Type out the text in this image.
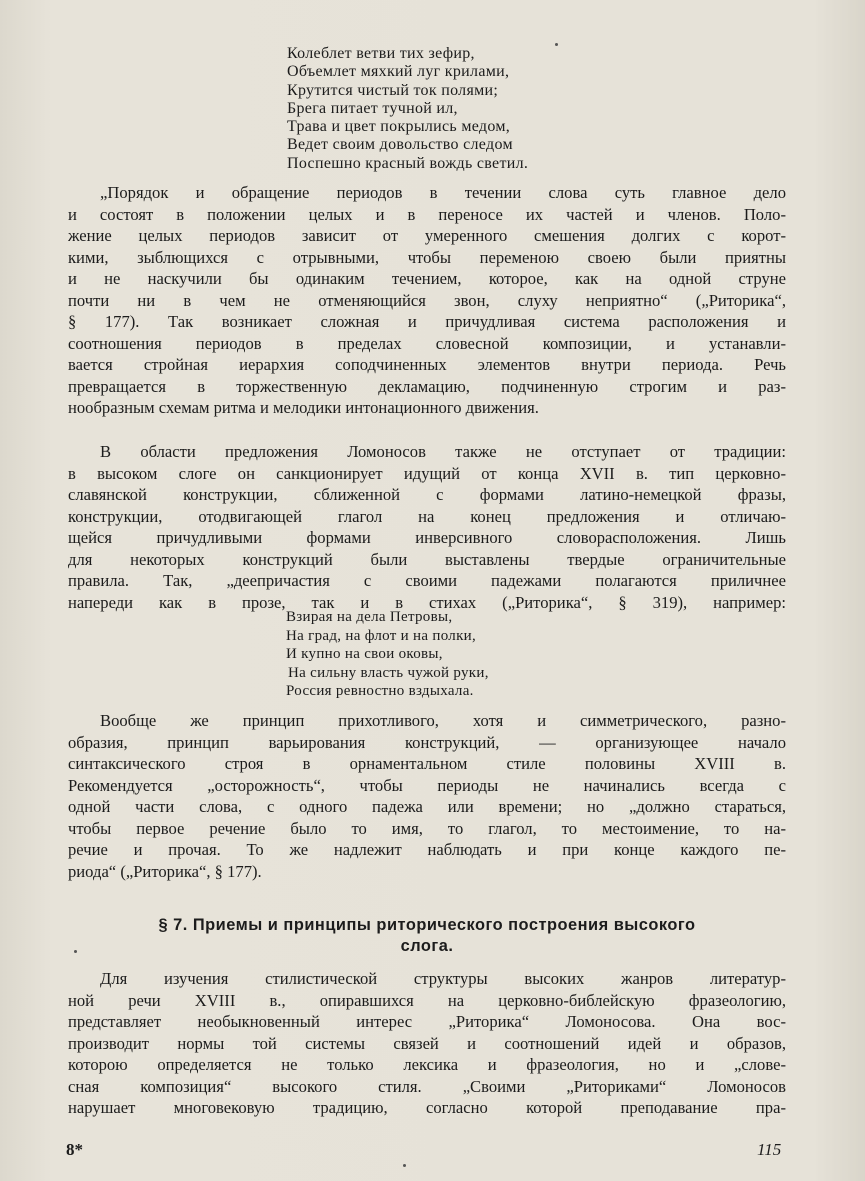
Колеблет ветви тих зефир,
Объемлет мяхкий луг крилами,
Крутится чистый ток полями;
Брега питает тучной ил,
Трава и цвет покрылись медом,
Ведет своим довольство следом
Поспешно красный вождь светил.
„Порядок и обращение периодов в течении слова суть главное дело
и состоят в положении целых и в переносе их частей и членов. Поло-
жение целых периодов зависит от умеренного смешения долгих с корот-
кими, зыблющихся с отрывными, чтобы переменою своею были приятны
и не наскучили бы одинаким течением, которое, как на одной струне
почти ни в чем не отменяющийся звон, слуху неприятно“ („Риторика“,
§ 177). Так возникает сложная и причудливая система расположения и
соотношения периодов в пределах словесной композиции, и устанавли-
вается стройная иерархия соподчиненных элементов внутри периода. Речь
превращается в торжественную декламацию, подчиненную строгим и раз-
нообразным схемам ритма и мелодики интонационного движения.
В области предложения Ломоносов также не отступает от традиции:
в высоком слоге он санкционирует идущий от конца XVII в. тип церковно-
славянской конструкции, сближенной с формами латино-немецкой фразы,
конструкции, отодвигающей глагол на конец предложения и отличаю-
щейся причудливыми формами инверсивного словорасположения. Лишь
для некоторых конструкций были выставлены твердые ограничительные
правила. Так, „деепричастия с своими падежами полагаются приличнее
напереди как в прозе, так и в стихах („Риторика“, § 319), например:
Взирая на дела Петровы,
На град, на флот и на полки,
И купно на свои оковы,
На сильну власть чужой руки,
Россия ревностно вздыхала.
Вообще же принцип прихотливого, хотя и симметрического, разно-
образия, принцип варьирования конструкций, — организующее начало
синтаксического строя в орнаментальном стиле половины XVIII в.
Рекомендуется „осторожность“, чтобы периоды не начинались всегда с
одной части слова, с одного падежа или времени; но „должно стараться,
чтобы первое речение было то имя, то глагол, то местоимение, то на-
речие и прочая. То же надлежит наблюдать и при конце каждого пе-
риода“ („Риторика“, § 177).
§ 7. Приемы и принципы риторического построения высокого
слога.
Для изучения стилистической структуры высоких жанров литератур-
ной речи XVIII в., опиравшихся на церковно-библейскую фразеологию,
представляет необыкновенный интерес „Риторика“ Ломоносова. Она вос-
производит нормы той системы связей и соотношений идей и образов,
которою определяется не только лексика и фразеология, но и „слове-
сная композиция“ высокого стиля. „Своими „Риториками“ Ломоносов
нарушает многовековую традицию, согласно которой преподавание пра-
8*	115
